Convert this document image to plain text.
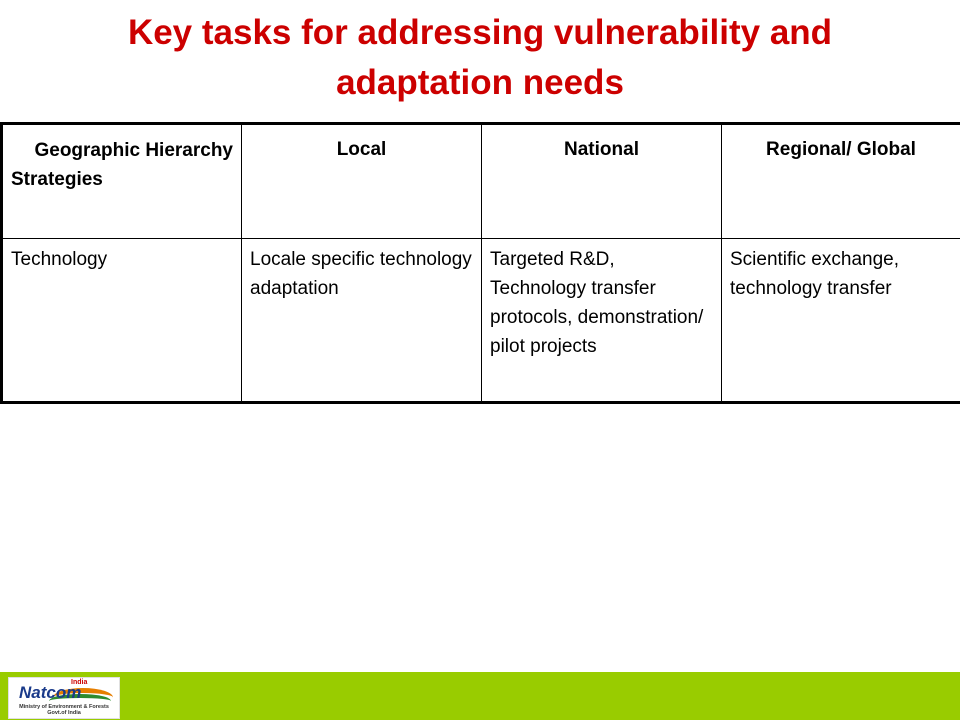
Key tasks for addressing vulnerability and
adaptation needs
Geographic Hierarchy
Strategies	Local	National	Regional/ Global
Technology	Locale specific technology adaptation	Targeted R&D, Technology transfer protocols, demonstration/ pilot projects	Scientific exchange, technology transfer
India
Natcom
Ministry of Environment & Forests
Govt.of India
